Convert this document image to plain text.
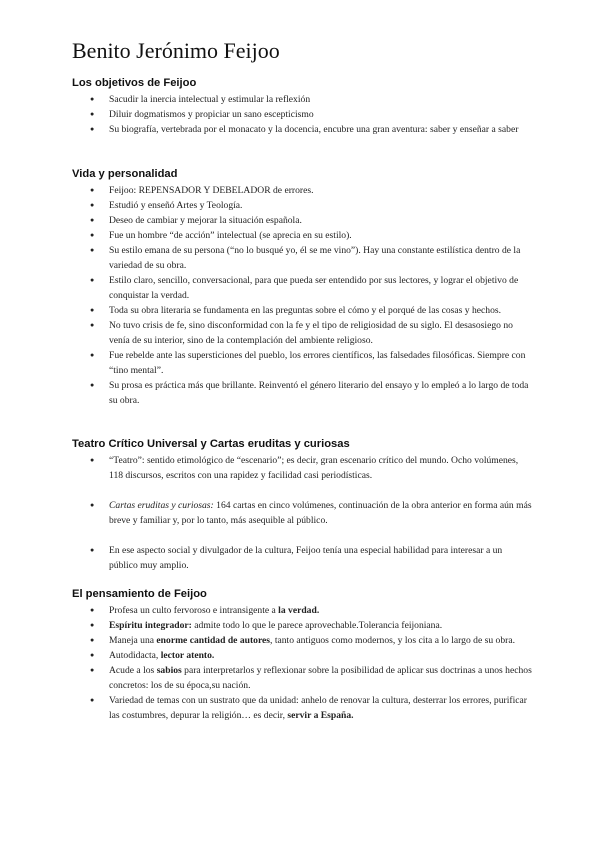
Benito Jerónimo Feijoo
Los objetivos de Feijoo
● Sacudir la inercia intelectual y estimular la reflexión
● Diluir dogmatismos y propiciar un sano escepticismo
● Su biografía, vertebrada por el monacato y la docencia, encubre una gran aventura: saber y enseñar a saber
Vida y personalidad
● Feijoo: REPENSADOR Y DEBELADOR de errores.
● Estudió y enseñó Artes y Teología.
● Deseo de cambiar y mejorar la situación española.
● Fue un hombre “de acción” intelectual (se aprecia en su estilo).
● Su estilo emana de su persona (“no lo busqué yo, él se me vino”). Hay una constante estilística dentro de la variedad de su obra.
● Estilo claro, sencillo, conversacional, para que pueda ser entendido por sus lectores, y lograr el objetivo de conquistar la verdad.
● Toda su obra literaria se fundamenta en las preguntas sobre el cómo y el porqué de las cosas y hechos.
● No tuvo crisis de fe, sino disconformidad con la fe y el tipo de religiosidad de su siglo. El desasosiego no venía de su interior, sino de la contemplación del ambiente religioso.
● Fue rebelde ante las supersticiones del pueblo, los errores científicos, las falsedades filosóficas. Siempre con “tino mental”.
● Su prosa es práctica más que brillante. Reinventó el género literario del ensayo y lo empleó a lo largo de toda su obra.
Teatro Crítico Universal y Cartas eruditas y curiosas
● “Teatro”: sentido etimológico de “escenario”; es decir, gran escenario crítico del mundo. Ocho volúmenes, 118 discursos, escritos con una rapidez y facilidad casi periodísticas.
● Cartas eruditas y curiosas: 164 cartas en cinco volúmenes, continuación de la obra anterior en forma aún más breve y familiar y, por lo tanto, más asequible al público.
● En ese aspecto social y divulgador de la cultura, Feijoo tenía una especial habilidad para interesar a un público muy amplio.
El pensamiento de Feijoo
● Profesa un culto fervoroso e intransigente a la verdad.
● Espíritu integrador: admite todo lo que le parece aprovechable.Tolerancia feijoniana.
● Maneja una enorme cantidad de autores, tanto antiguos como modernos, y los cita a lo largo de su obra.
● Autodidacta, lector atento.
● Acude a los sabios para interpretarlos y reflexionar sobre la posibilidad de aplicar sus doctrinas a unos hechos concretos: los de su época,su nación.
● Variedad de temas con un sustrato que da unidad: anhelo de renovar la cultura, desterrar los errores, purificar las costumbres, depurar la religión… es decir, servir a España.
